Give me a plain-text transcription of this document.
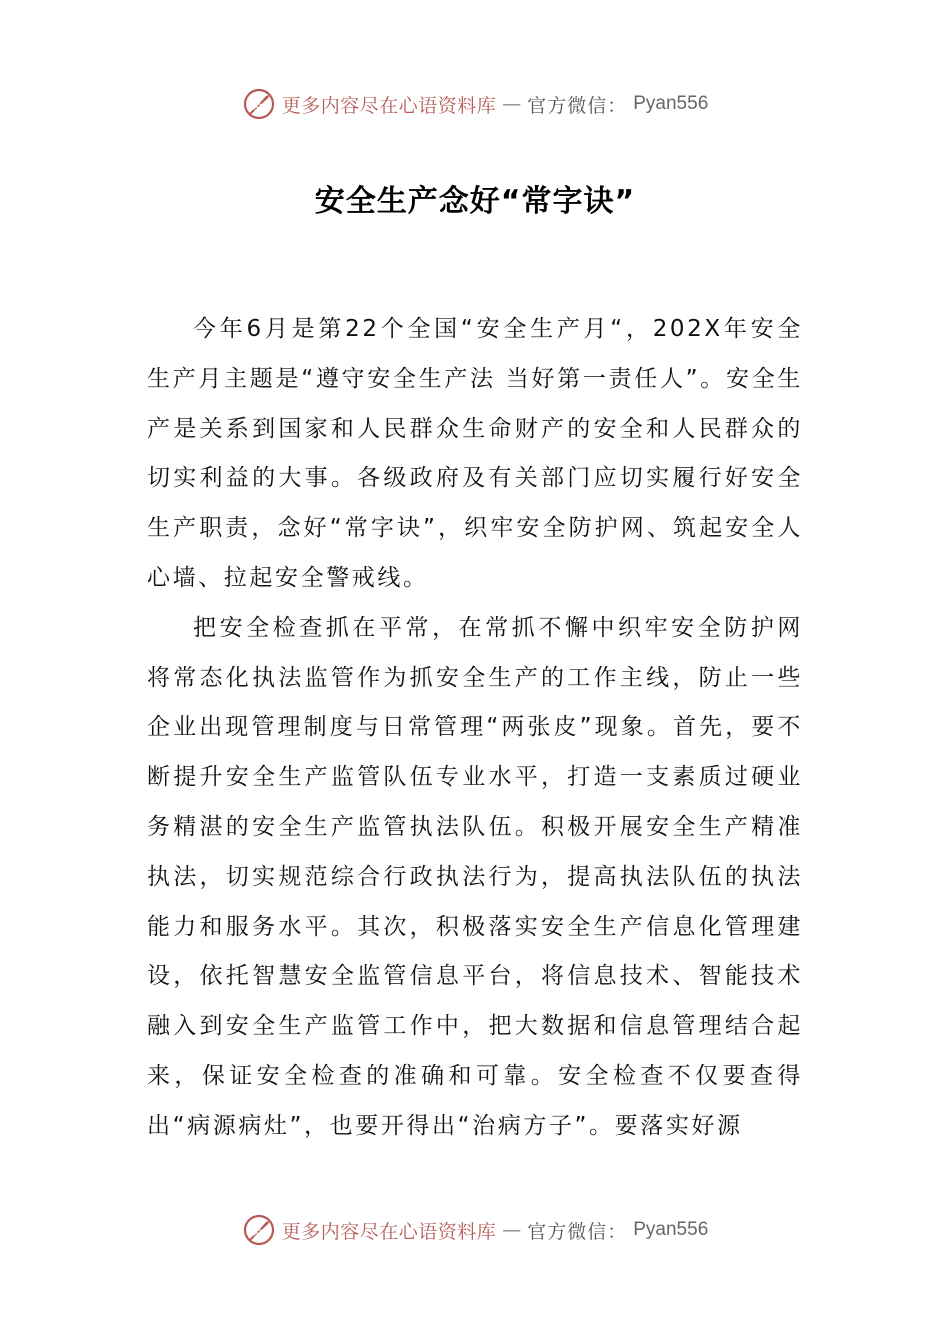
更多内容尽在心语资料库 — 官方微信： Pyan556
安全生产念好“常字诀”

今年6月是第22个全国“安全生产月“，202X年安全生产月主题是“遵守安全生产法 当好第一责任人”。安全生产是关系到国家和人民群众生命财产的安全和人民群众的切实利益的大事。各级政府及有关部门应切实履行好安全生产职责，念好“常字诀”，织牢安全防护网、筑起安全人心墙、拉起安全警戒线。

把安全检查抓在平常，在常抓不懈中织牢安全防护网将常态化执法监管作为抓安全生产的工作主线，防止一些企业出现管理制度与日常管理“两张皮”现象。首先，要不断提升安全生产监管队伍专业水平，打造一支素质过硬业务精湛的安全生产监管执法队伍。积极开展安全生产精准执法，切实规范综合行政执法行为，提高执法队伍的执法能力和服务水平。其次，积极落实安全生产信息化管理建设，依托智慧安全监管信息平台，将信息技术、智能技术融入到安全生产监管工作中，把大数据和信息管理结合起来，保证安全检查的准确和可靠。安全检查不仅要查得出“病源病灶”，也要开得出“治病方子”。要落实好源

更多内容尽在心语资料库 — 官方微信： Pyan556
